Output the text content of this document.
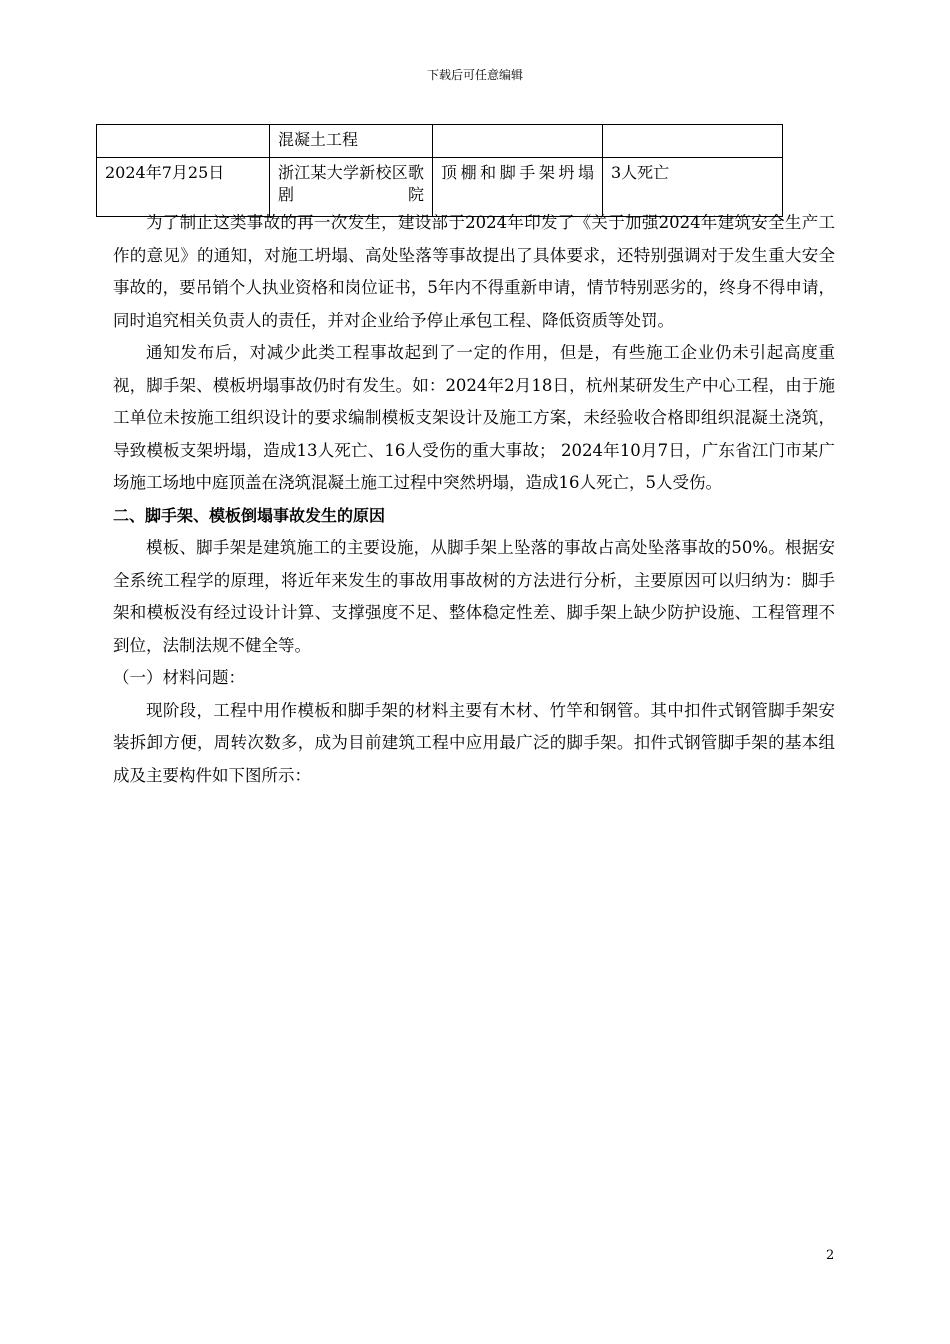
下载后可任意编辑
	混凝土工程		
2024年7月25日	浙江某大学新校区歌剧院	顶棚和脚手架坍塌	3人死亡

为了制止这类事故的再一次发生，建设部于2024年印发了《关于加强2024年建筑安全生产工作的意见》的通知，对施工坍塌、高处坠落等事故提出了具体要求，还特别强调对于发生重大安全事故的，要吊销个人执业资格和岗位证书，5年内不得重新申请，情节特别恶劣的，终身不得申请，同时追究相关负责人的责任，并对企业给予停止承包工程、降低资质等处罚。

通知发布后，对减少此类工程事故起到了一定的作用，但是，有些施工企业仍未引起高度重视，脚手架、模板坍塌事故仍时有发生。如：2024年2月18日，杭州某研发生产中心工程，由于施工单位未按施工组织设计的要求编制模板支架设计及施工方案，未经验收合格即组织混凝土浇筑，导致模板支架坍塌，造成13人死亡、16人受伤的重大事故； 2024年10月7日，广东省江门市某广场施工场地中庭顶盖在浇筑混凝土施工过程中突然坍塌，造成16人死亡，5人受伤。

二、脚手架、模板倒塌事故发生的原因

模板、脚手架是建筑施工的主要设施，从脚手架上坠落的事故占高处坠落事故的50%。根据安全系统工程学的原理，将近年来发生的事故用事故树的方法进行分析，主要原因可以归纳为：脚手架和模板没有经过设计计算、支撑强度不足、整体稳定性差、脚手架上缺少防护设施、工程管理不到位，法制法规不健全等。

（一）材料问题：

现阶段，工程中用作模板和脚手架的材料主要有木材、竹竿和钢管。其中扣件式钢管脚手架安装拆卸方便，周转次数多，成为目前建筑工程中应用最广泛的脚手架。扣件式钢管脚手架的基本组成及主要构件如下图所示：

2
